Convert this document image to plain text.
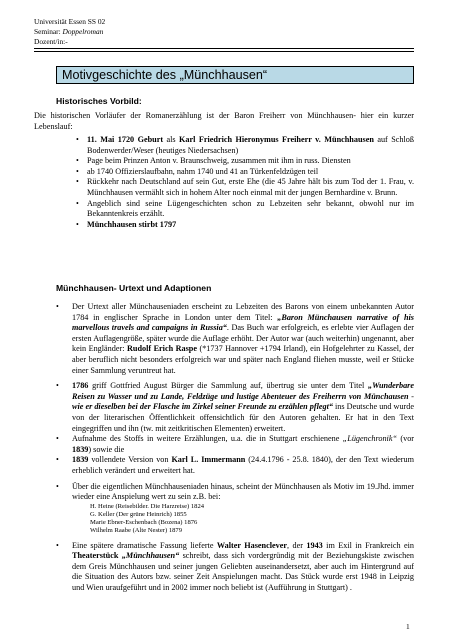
Universität Essen SS 02
Seminar: Doppelroman
Dozent/in:-
Motivgeschichte des „Münchhausen“
Historisches Vorbild:
Die historischen Vorläufer der Romanerzählung ist der Baron Freiherr von Münchhausen- hier ein kurzer Lebenslauf:
• 11. Mai 1720 Geburt als Karl Friedrich Hieronymus Freiherr v. Münchhausen auf Schloß Bodenwerder/Weser (heutiges Niedersachsen)
• Page beim Prinzen Anton v. Braunschweig, zusammen mit ihm in russ. Diensten
• ab 1740 Offizierslaufbahn, nahm 1740 und 41 an Türkenfeldzügen teil
• Rückkehr nach Deutschland auf sein Gut, erste Ehe (die 45 Jahre hält bis zum Tod der 1. Frau, v. Münchhausen vermählt sich in hohem Alter noch einmal mit der jungen Bernhardine v. Brunn.
• Angeblich sind seine Lügengeschichten schon zu Lebzeiten sehr bekannt, obwohl nur im Bekanntenkreis erzählt.
• Münchhausen stirbt 1797
Münchhausen- Urtext und Adaptionen
• Der Urtext aller Münchauseniaden erscheint zu Lebzeiten des Barons von einem unbekannten Autor 1784 in englischer Sprache in London unter dem Titel: „Baron Münchausen narrative of his marvellous travels and campaigns in Russia“. Das Buch war erfolgreich, es erlebte vier Auflagen der ersten Auflagengröße, später wurde die Auflage erhöht. Der Autor war (auch weiterhin) ungenannt, aber kein Engländer: Rudolf Erich Raspe (*1737 Hannover +1794 Irland), ein Hofgelehrter zu Kassel, der aber beruflich nicht besonders erfolgreich war und später nach England fliehen musste, weil er Stücke einer Sammlung veruntreut hat.
• 1786 griff Gottfried August Bürger die Sammlung auf, übertrug sie unter dem Titel „Wunderbare Reisen zu Wasser und zu Lande, Feldzüge und lustige Abenteuer des Freiherrn von Münchausen - wie er dieselben bei der Flasche im Zirkel seiner Freunde zu erzählen pflegt“ ins Deutsche und wurde von der literarischen Öffentlichkeit offensichtlich für den Autoren gehalten. Er hat in den Text eingegriffen und ihn (tw. mit zeitkritischen Elementen) erweitert.
• Aufnahme des Stoffs in weitere Erzählungen, u.a. die in Stuttgart erschienene „Lügenchronik“ (vor 1839) sowie die
• 1839 vollendete Version von Karl L. Immermann (24.4.1796 - 25.8. 1840), der den Text wiederum erheblich verändert und erweitert hat.
• Über die eigentlichen Münchhauseniaden hinaus, scheint der Münchhausen als Motiv im 19.Jhd. immer wieder eine Anspielung wert zu sein z.B. bei:
H. Heine (Reisebilder. Die Harzreise) 1824
G. Keller (Der grüne Heinrich) 1855
Marie Ebner-Eschenbach (Bozena) 1876
Wilhelm Raabe (Alte Nester) 1879
• Eine spätere dramatische Fassung lieferte Walter Hasenclever, der 1943 im Exil in Frankreich ein Theaterstück „Münchhausen“ schreibt, dass sich vordergründig mit der Beziehungskiste zwischen dem Greis Münchhausen und seiner jungen Geliebten auseinandersetzt, aber auch im Hintergrund auf die Situation des Autors bzw. seiner Zeit Anspielungen macht. Das Stück wurde erst 1948 in Leipzig und Wien uraufgeführt und in 2002 immer noch beliebt ist (Aufführung in Stuttgart) .
1
